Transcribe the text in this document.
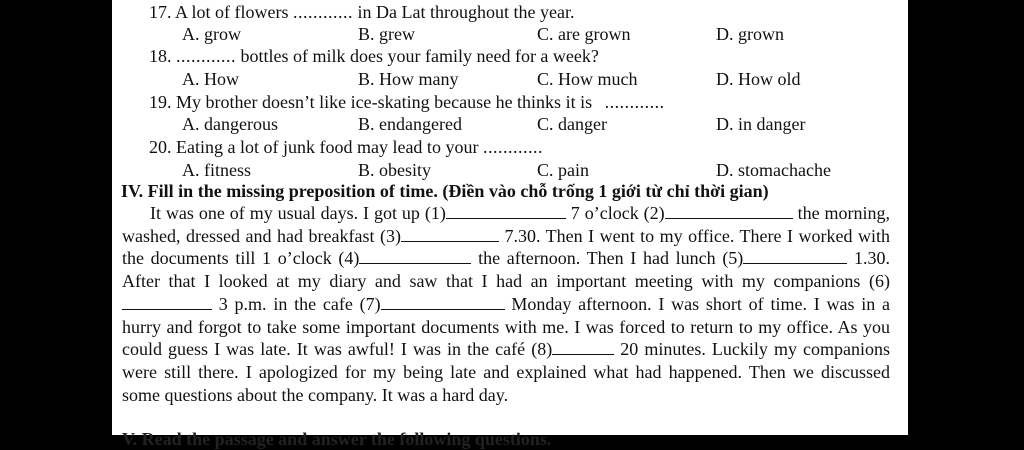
17. A lot of flowers ............ in Da Lat throughout the year.
A. grow	B. grew	C. are grown	D. grown
18. ............ bottles of milk does your family need for a week?
A. How	B. How many	C. How much	D. How old
19. My brother doesn’t like ice-skating because he thinks it is ............
A. dangerous	B. endangered	C. danger	D. in danger
20. Eating a lot of junk food may lead to your ............
A. fitness	B. obesity	C. pain	D. stomachache
IV. Fill in the missing preposition of time. (Điền vào chỗ trống 1 giới từ chỉ thời gian)
It was one of my usual days. I got up (1)	7 o’clock (2)	the morning, washed, dressed and had breakfast (3)	7.30. Then I went to my office. There I worked with the documents till 1 o’clock (4)	the afternoon. Then I had lunch (5)	1.30. After that I looked at my diary and saw that I had an important meeting with my companions (6) 3 p.m. in the cafe (7)	Monday afternoon. I was short of time. I was in a hurry and forgot to take some important documents with me. I was forced to return to my office. As you could guess I was late. It was awful! I was in the café (8)	20 minutes. Luckily my companions were still there. I apologized for my being late and explained what had happened. Then we discussed some questions about the company. It was a hard day.
V. Read the passage and answer the following questions.
